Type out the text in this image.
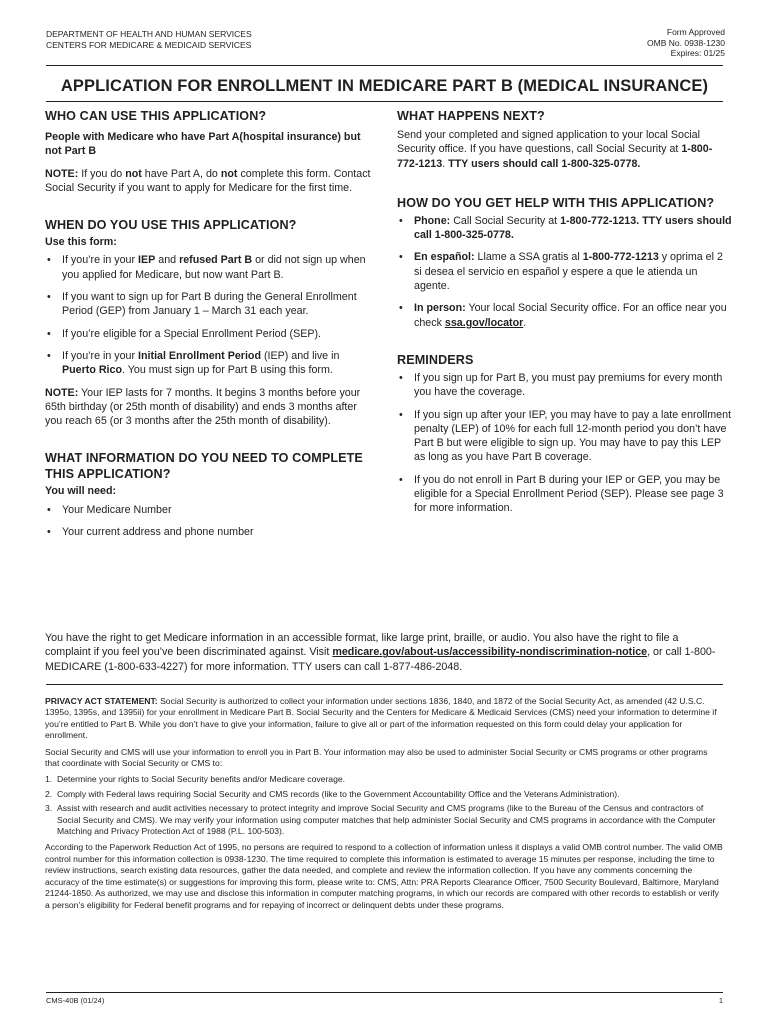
DEPARTMENT OF HEALTH AND HUMAN SERVICES
CENTERS FOR MEDICARE & MEDICAID SERVICES
Form Approved
OMB No. 0938-1230
Expires: 01/25
APPLICATION FOR ENROLLMENT IN MEDICARE PART B (MEDICAL INSURANCE)
WHO CAN USE THIS APPLICATION?

People with Medicare who have Part A(hospital insurance) but not Part B

NOTE: If you do not have Part A, do not complete this form. Contact Social Security if you want to apply for Medicare for the first time.

WHEN DO YOU USE THIS APPLICATION?

Use this form:

• If you’re in your IEP and refused Part B or did not sign up when you applied for Medicare, but now want Part B.
• If you want to sign up for Part B during the General Enrollment Period (GEP) from January 1 – March 31 each year.
• If you’re eligible for a Special Enrollment Period (SEP).
• If you’re in your Initial Enrollment Period (IEP) and live in Puerto Rico. You must sign up for Part B using this form.

NOTE: Your IEP lasts for 7 months. It begins 3 months before your 65th birthday (or 25th month of disability) and ends 3 months after you reach 65 (or 3 months after the 25th month of disability).

WHAT INFORMATION DO YOU NEED TO COMPLETE THIS APPLICATION?

You will need:

• Your Medicare Number
• Your current address and phone number
WHAT HAPPENS NEXT?

Send your completed and signed application to your local Social Security office. If you have questions, call Social Security at 1-800-772-1213. TTY users should call 1-800-325-0778.

HOW DO YOU GET HELP WITH THIS APPLICATION?
• Phone: Call Social Security at 1-800-772-1213. TTY users should call 1-800-325-0778.
• En español: Llame a SSA gratis al 1-800-772-1213 y oprima el 2 si desea el servicio en español y espere a que le atienda un agente.
• In person: Your local Social Security office. For an office near you check ssa.gov/locator.
REMINDERS
• If you sign up for Part B, you must pay premiums for every month you have the coverage.
• If you sign up after your IEP, you may have to pay a late enrollment penalty (LEP) of 10% for each full 12-month period you don’t have Part B but were eligible to sign up. You may have to pay this LEP as long as you have Part B coverage.
• If you do not enroll in Part B during your IEP or GEP, you may be eligible for a Special Enrollment Period (SEP). Please see page 3 for more information.

You have the right to get Medicare information in an accessible format, like large print, braille, or audio. You also have the right to file a complaint if you feel you’ve been discriminated against. Visit medicare.gov/about-us/accessibility-nondiscrimination-notice, or call 1-800-MEDICARE (1-800-633-4227) for more information. TTY users can call 1-877-486-2048.

PRIVACY ACT STATEMENT: Social Security is authorized to collect your information under sections 1836, 1840, and 1872 of the Social Security Act, as amended (42 U.S.C. 1395o, 1395s, and 1395ii) for your enrollment in Medicare Part B. Social Security and the Centers for Medicare & Medicaid Services (CMS) need your information to determine if you’re entitled to Part B. While you don’t have to give your information, failure to give all or part of the information requested on this form could delay your application for enrollment.

Social Security and CMS will use your information to enroll you in Part B. Your information may also be used to administer Social Security or CMS programs or other programs that coordinate with Social Security or CMS to:

1. Determine your rights to Social Security benefits and/or Medicare coverage.
2. Comply with Federal laws requiring Social Security and CMS records (like to the Government Accountability Office and the Veterans Administration).
3. Assist with research and audit activities necessary to protect integrity and improve Social Security and CMS programs (like to the Bureau of the Census and contractors of Social Security and CMS). We may verify your information using computer matches that help administer Social Security and CMS programs in accordance with the Computer Matching and Privacy Protection Act of 1988 (P.L. 100-503).

According to the Paperwork Reduction Act of 1995, no persons are required to respond to a collection of information unless it displays a valid OMB control number. The valid OMB control number for this information collection is 0938-1230. The time required to complete this information is estimated to average 15 minutes per response, including the time to review instructions, search existing data resources, gather the data needed, and complete and review the information collection. If you have any comments concerning the accuracy of the time estimate(s) or suggestions for improving this form, please write to: CMS, Attn: PRA Reports Clearance Officer, 7500 Security Boulevard, Baltimore, Maryland 21244-1850. As authorized, we may use and disclose this information in computer matching programs, in which our records are compared with other records to establish or verify a person’s eligibility for Federal benefit programs and for repaying of incorrect or delinquent debts under these programs.

CMS-40B (01/24)	1
